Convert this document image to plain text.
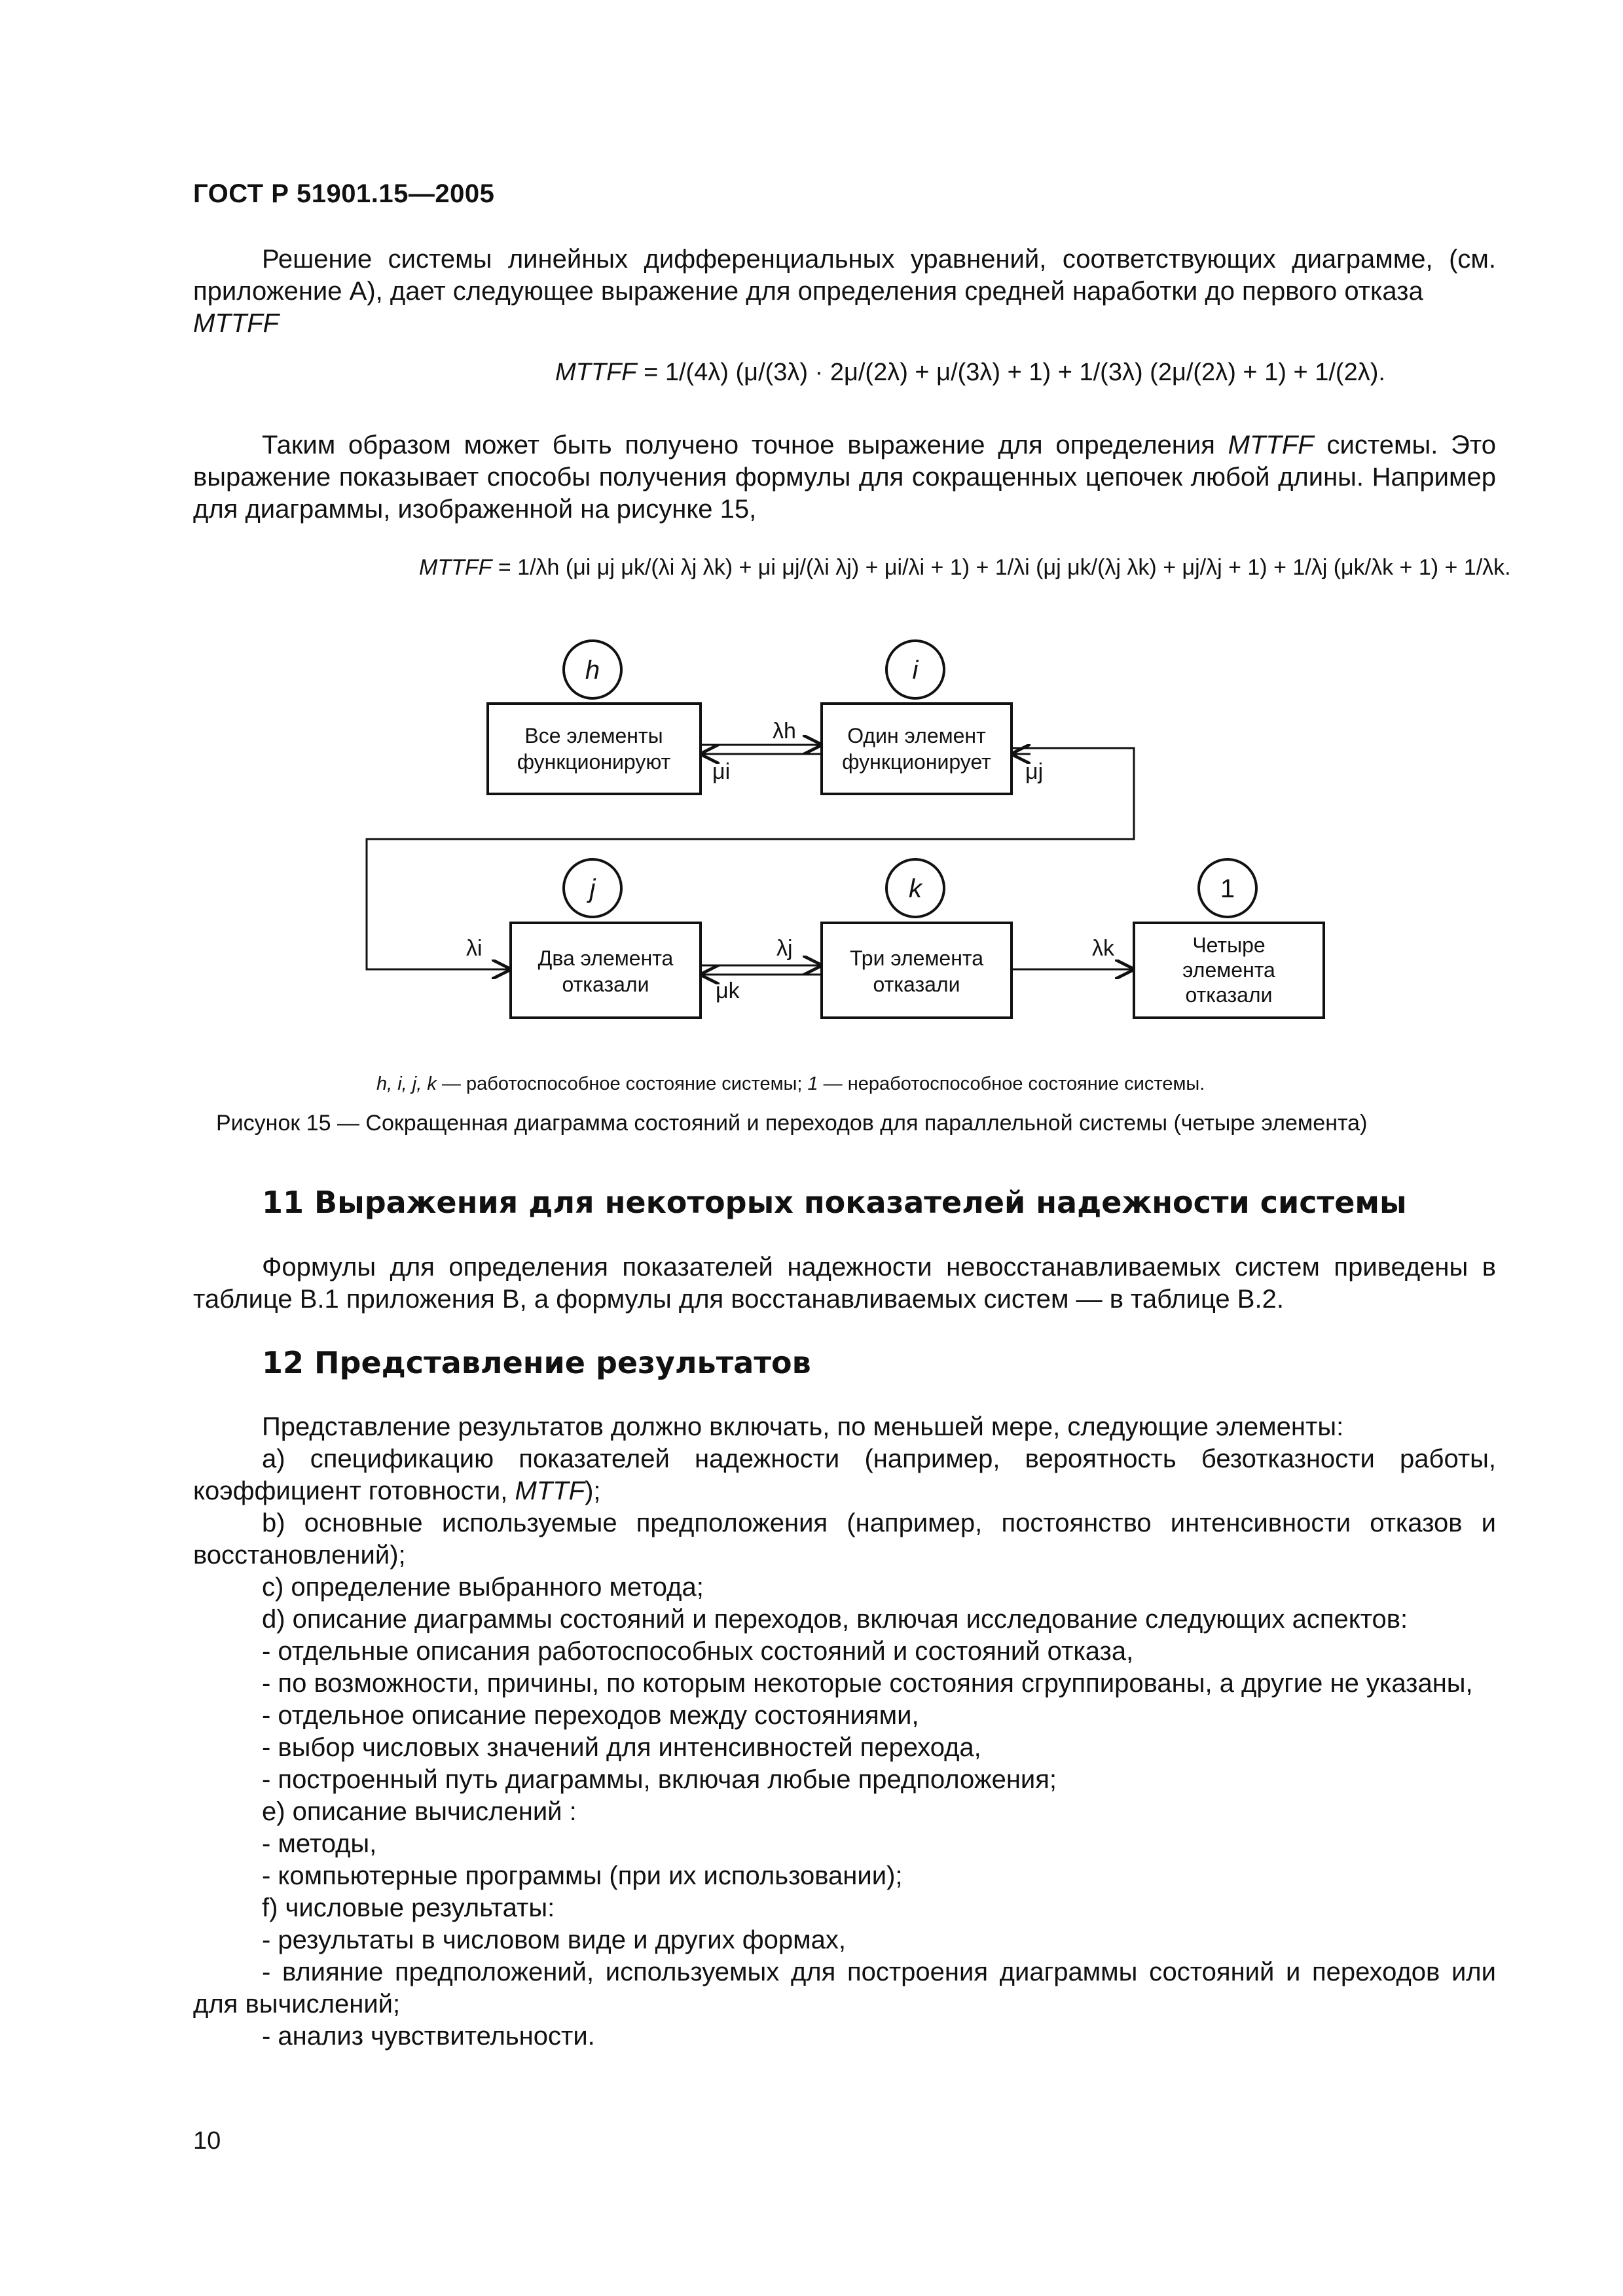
ГОСТ Р 51901.15—2005
Решение системы линейных дифференциальных уравнений, соответствующих диаграмме, (см. приложение А), дает следующее выражение для определения средней наработки до первого отказа
MTTFF
MTTFF = 1/(4λ) (μ/(3λ) · 2μ/(2λ) + μ/(3λ) + 1) + 1/(3λ) (2μ/(2λ) + 1) + 1/(2λ).
Таким образом может быть получено точное выражение для определения MTTFF системы. Это выражение показывает способы получения формулы для сокращенных цепочек любой длины. Например для диаграммы, изображенной на рисунке 15,
MTTFF = 1/λh (μi μj μk/(λi λj λk) + μi μj/(λi λj) + μi/λi + 1) + 1/λi (μj μk/(λj λk) + μj/λj + 1) + 1/λj (μk/λk + 1) + 1/λk.
h	i
j	k	1
Все элементы
функционируют
Один элемент
функционирует
Два элемента
отказали
Три элемента
отказали
Четыре
элемента
отказали
λh
μi	μj
λi	λj
μk
λk
h, i, j, k — работоспособное состояние системы; 1 — неработоспособное состояние системы.
Рисунок 15 — Сокращенная диаграмма состояний и переходов для параллельной системы (четыре элемента)
11 Выражения для некоторых показателей надежности системы
Формулы для определения показателей надежности невосстанавливаемых систем приведены в таблице В.1 приложения В, а формулы для восстанавливаемых систем — в таблице В.2.
12 Представление результатов
Представление результатов должно включать, по меньшей мере, следующие элементы:
a) спецификацию показателей надежности (например, вероятность безотказности работы, коэффициент готовности, MTTF);
b) основные используемые предположения (например, постоянство интенсивности отказов и восстановлений);
c) определение выбранного метода;
d) описание диаграммы состояний и переходов, включая исследование следующих аспектов:
- отдельные описания работоспособных состояний и состояний отказа,
- по возможности, причины, по которым некоторые состояния сгруппированы, а другие не указаны,
- отдельное описание переходов между состояниями,
- выбор числовых значений для интенсивностей перехода,
- построенный путь диаграммы, включая любые предположения;
e) описание вычислений :
- методы,
- компьютерные программы (при их использовании);
f) числовые результаты:
- результаты в числовом виде и других формах,
- влияние предположений, используемых для построения диаграммы состояний и переходов или для вычислений;
- анализ чувствительности.
10
